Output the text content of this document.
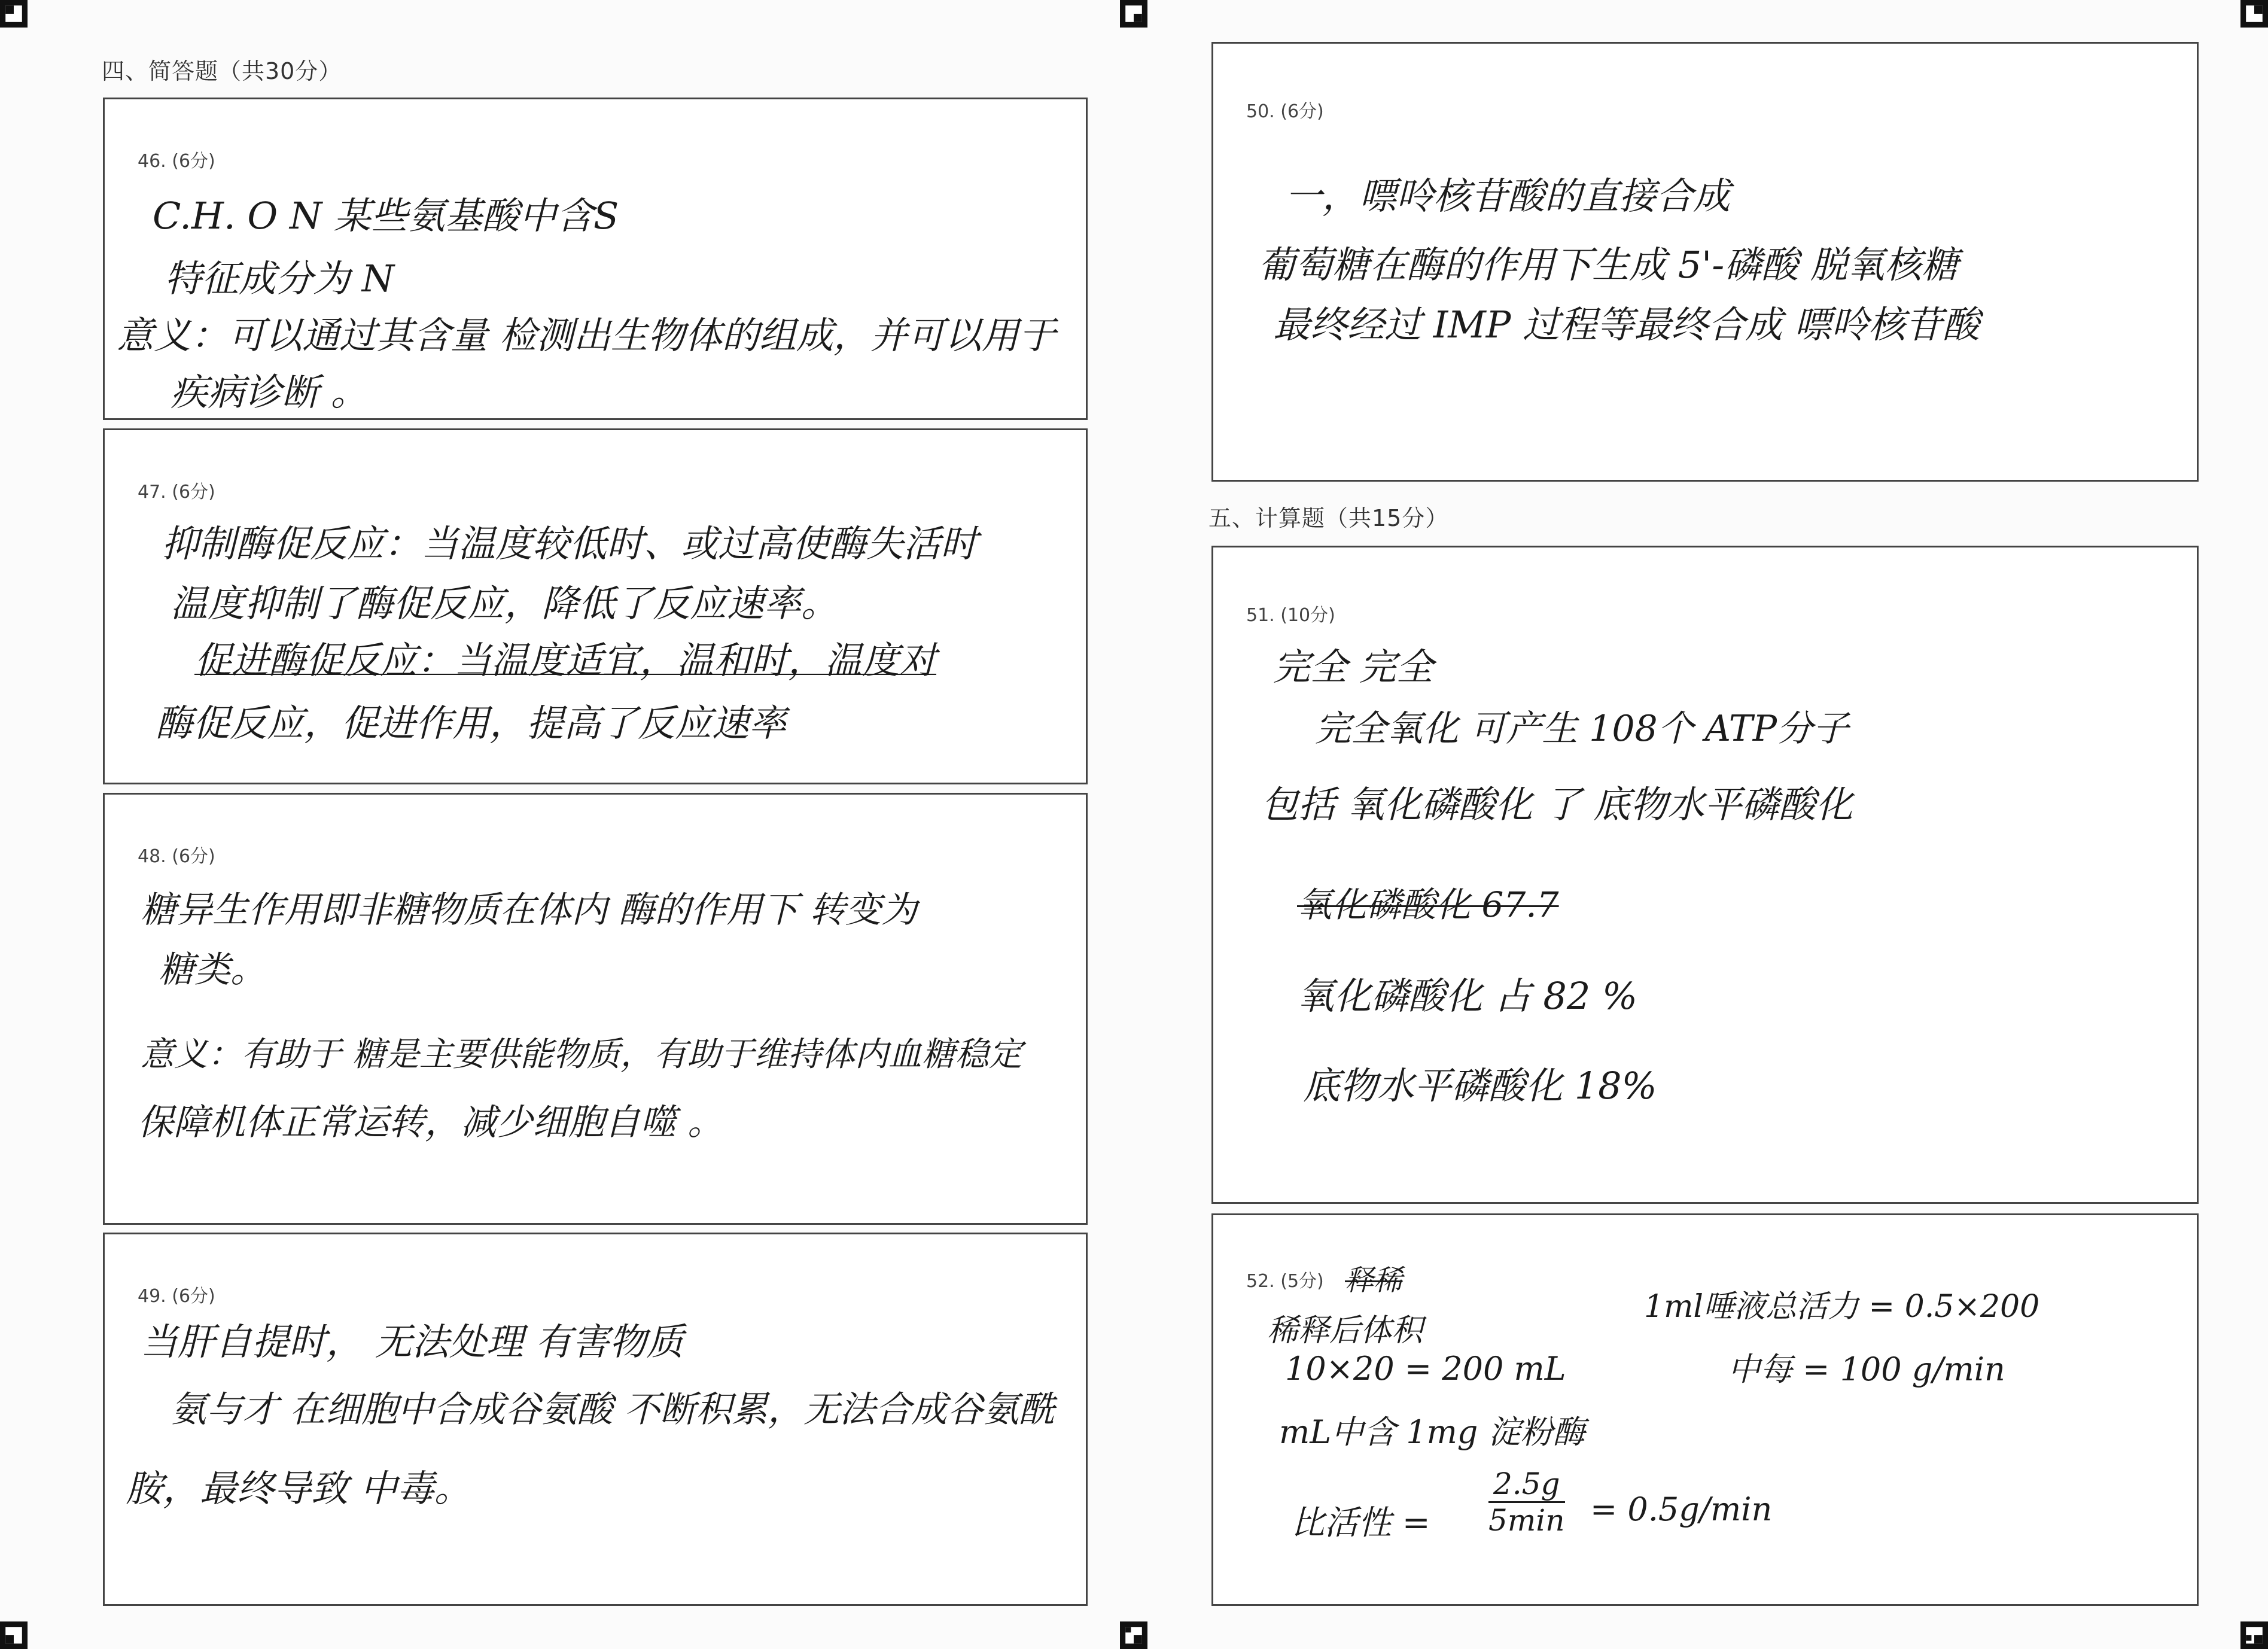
四、简答题（共30分）
五、计算题（共15分）
46. (6分)
C.H. O N 某些氨基酸中含S
特征成分为 N
意义：可以通过其含量 检测出生物体的组成，并可以用于
疾病诊断 。
47. (6分)
抑制酶促反应：当温度较低时、或过高使酶失活时
温度抑制了酶促反应，降低了反应速率。
促进酶促反应：当温度适宜，温和时，温度对
酶促反应，促进作用，提高了反应速率
48. (6分)
糖异生作用即非糖物质在体内 酶的作用下 转变为
糖类。
意义：有助于 糖是主要供能物质，有助于维持体内血糖稳定
保障机体正常运转，减少细胞自噬 。
49. (6分)
当肝自提时， 无法处理 有害物质
氨与才 在细胞中合成谷氨酸 不断积累，无法合成谷氨酰
胺，最终导致 中毒。
50. (6分)
一，嘌呤核苷酸的直接合成
葡萄糖在酶的作用下生成 5'-磷酸 脱氧核糖
最终经过 IMP 过程等最终合成 嘌呤核苷酸
51. (10分)
完全 完全
完全氧化 可产生 108个 ATP分子
包括 氧化磷酸化 了 底物水平磷酸化
氧化磷酸化 67.7
氧化磷酸化 占 82 %
底物水平磷酸化 18%
52. (5分) 释稀
稀释后体积
10×20 = 200 mL
mL中含 1mg 淀粉酶
1ml唾液总活力 = 0.5×200
中每 = 100 g/min
比活性 =
2.5g
5min = 0.5g/min
